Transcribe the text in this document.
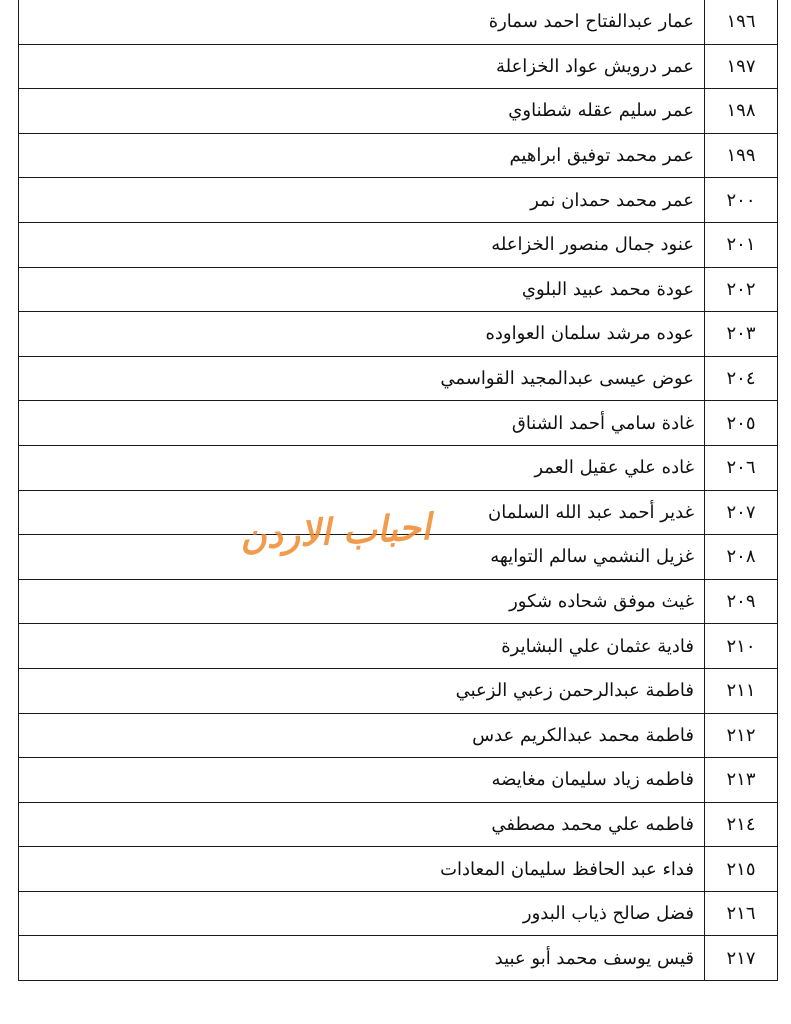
١٩٦	عمار عبدالفتاح احمد سمارة
١٩٧	عمر درويش عواد الخزاعلة
١٩٨	عمر سليم عقله شطناوي
١٩٩	عمر محمد توفيق ابراهيم
٢٠٠	عمر محمد حمدان نمر
٢٠١	عنود جمال منصور الخزاعله
٢٠٢	عودة محمد عبيد البلوي
٢٠٣	عوده مرشد سلمان العواوده
٢٠٤	عوض عيسى عبدالمجيد القواسمي
٢٠٥	غادة سامي أحمد الشناق
٢٠٦	غاده علي عقيل العمر
٢٠٧	غدير أحمد عبد الله السلمان
٢٠٨	غزيل النشمي سالم التوايهه
٢٠٩	غيث موفق شحاده شكور
٢١٠	فادية عثمان علي البشايرة
٢١١	فاطمة عبدالرحمن زعبي الزعبي
٢١٢	فاطمة محمد عبدالكريم عدس
٢١٣	فاطمه زياد سليمان مغايضه
٢١٤	فاطمه علي محمد مصطفي
٢١٥	فداء عبد الحافظ سليمان المعادات
٢١٦	فضل صالح ذياب البدور
٢١٧	قيس يوسف محمد أبو عبيد
احباب الاردن
